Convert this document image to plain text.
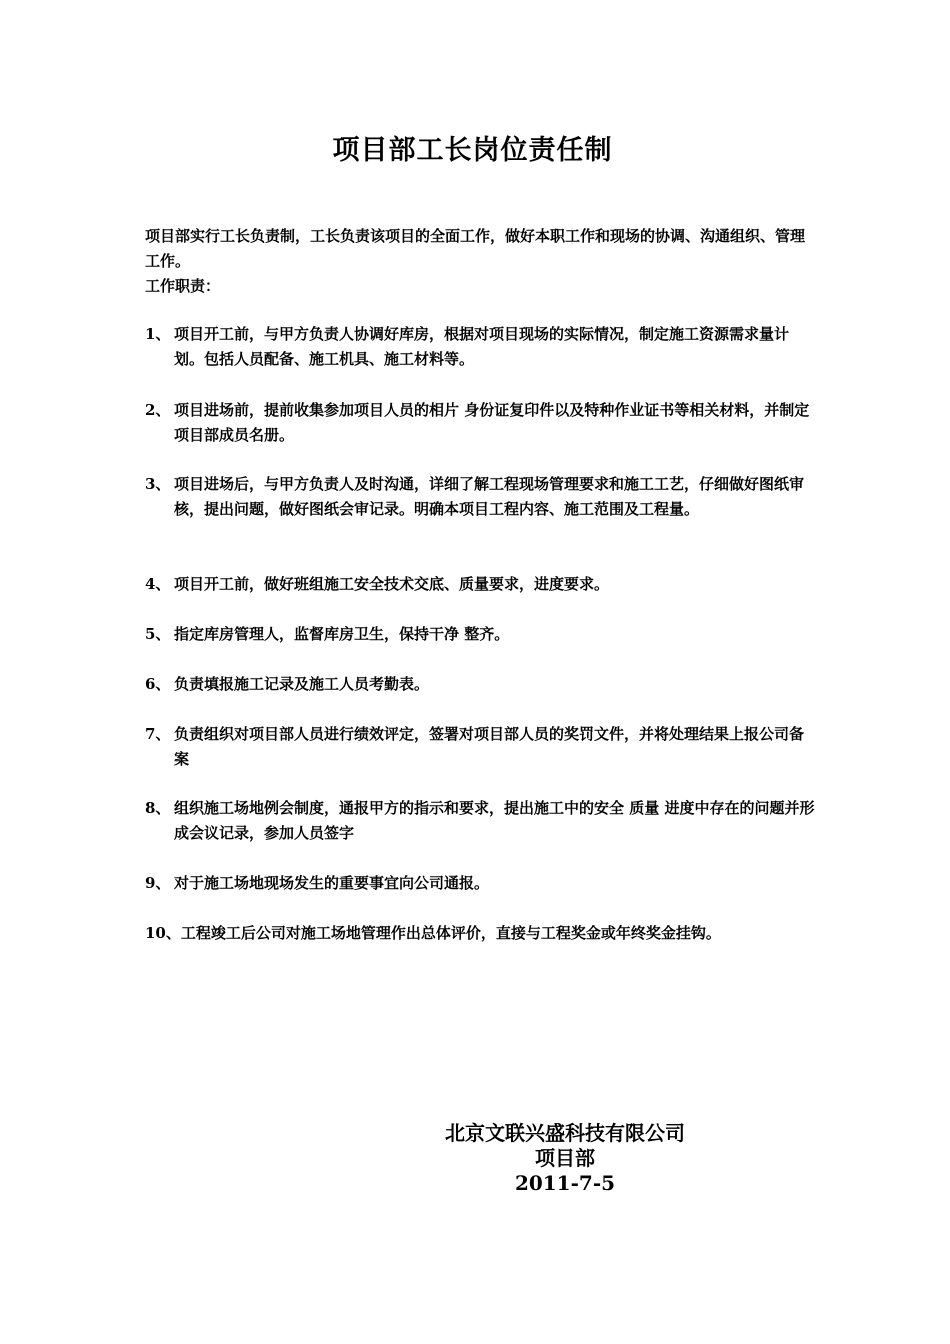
项目部工长岗位责任制
项目部实行工长负责制，工长负责该项目的全面工作，做好本职工作和现场的协调、沟通组织、管理工作。
工作职责：
1、 项目开工前，与甲方负责人协调好库房，根据对项目现场的实际情况，制定施工资源需求量计划。包括人员配备、施工机具、施工材料等。
2、 项目进场前，提前收集参加项目人员的相片 身份证复印件以及特种作业证书等相关材料，并制定项目部成员名册。
3、 项目进场后，与甲方负责人及时沟通，详细了解工程现场管理要求和施工工艺，仔细做好图纸审核，提出问题，做好图纸会审记录。明确本项目工程内容、施工范围及工程量。
4、 项目开工前，做好班组施工安全技术交底、质量要求，进度要求。
5、 指定库房管理人，监督库房卫生，保持干净 整齐。
6、 负责填报施工记录及施工人员考勤表。
7、 负责组织对项目部人员进行绩效评定，签署对项目部人员的奖罚文件，并将处理结果上报公司备案
8、 组织施工场地例会制度，通报甲方的指示和要求，提出施工中的安全 质量 进度中存在的问题并形成会议记录，参加人员签字
9、 对于施工场地现场发生的重要事宜向公司通报。
10、工程竣工后公司对施工场地管理作出总体评价，直接与工程奖金或年终奖金挂钩。
北京文联兴盛科技有限公司
项目部
2011-7-5
